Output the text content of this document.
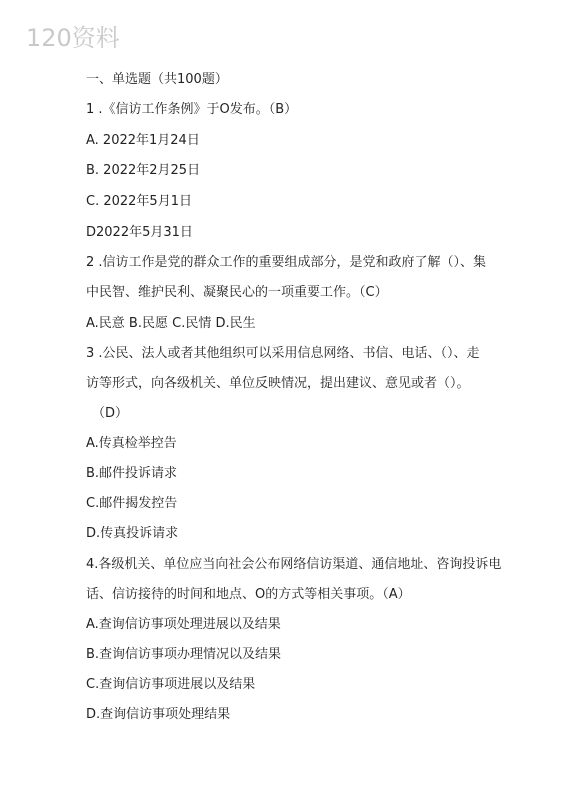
120资料
一、单选题（共100题）
1 .《信访工作条例》于O发布。（B）
A. 2022年1月24日
B. 2022年2月25日
C. 2022年5月1日
D2022年5月31日
2 .信访工作是党的群众工作的重要组成部分，是党和政府了解（）、集
中民智、维护民利、凝聚民心的一项重要工作。（C）
A.民意 B.民愿 C.民情 D.民生
3 .公民、法人或者其他组织可以采用信息网络、书信、电话、（）、走
访等形式，向各级机关、单位反映情况，提出建议、意见或者（）。
（D）
A.传真检举控告
B.邮件投诉请求
C.邮件揭发控告
D.传真投诉请求
4.各级机关、单位应当向社会公布网络信访渠道、通信地址、咨询投诉电
话、信访接待的时间和地点、O的方式等相关事项。（A）
A.查询信访事项处理进展以及结果
B.查询信访事项办理情况以及结果
C.查询信访事项进展以及结果
D.查询信访事项处理结果
